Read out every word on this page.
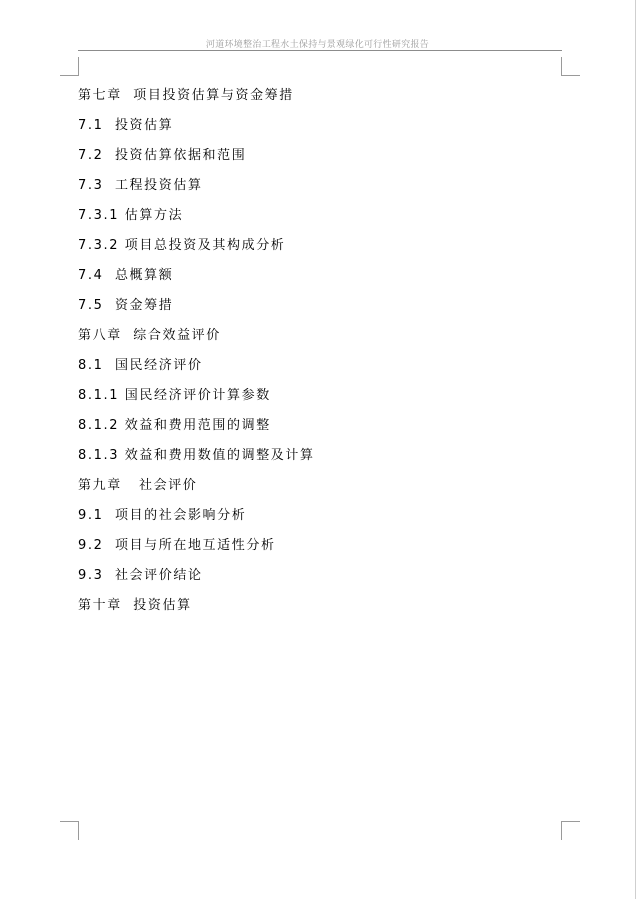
河道环境整治工程水土保持与景观绿化可行性研究报告
第七章  项目投资估算与资金筹措
7.1  投资估算
7.2  投资估算依据和范围
7.3  工程投资估算
7.3.1 估算方法
7.3.2 项目总投资及其构成分析
7.4  总概算额
7.5  资金筹措
第八章  综合效益评价
8.1  国民经济评价
8.1.1 国民经济评价计算参数
8.1.2 效益和费用范围的调整
8.1.3 效益和费用数值的调整及计算
第九章   社会评价
9.1  项目的社会影响分析
9.2  项目与所在地互适性分析
9.3  社会评价结论
第十章  投资估算
